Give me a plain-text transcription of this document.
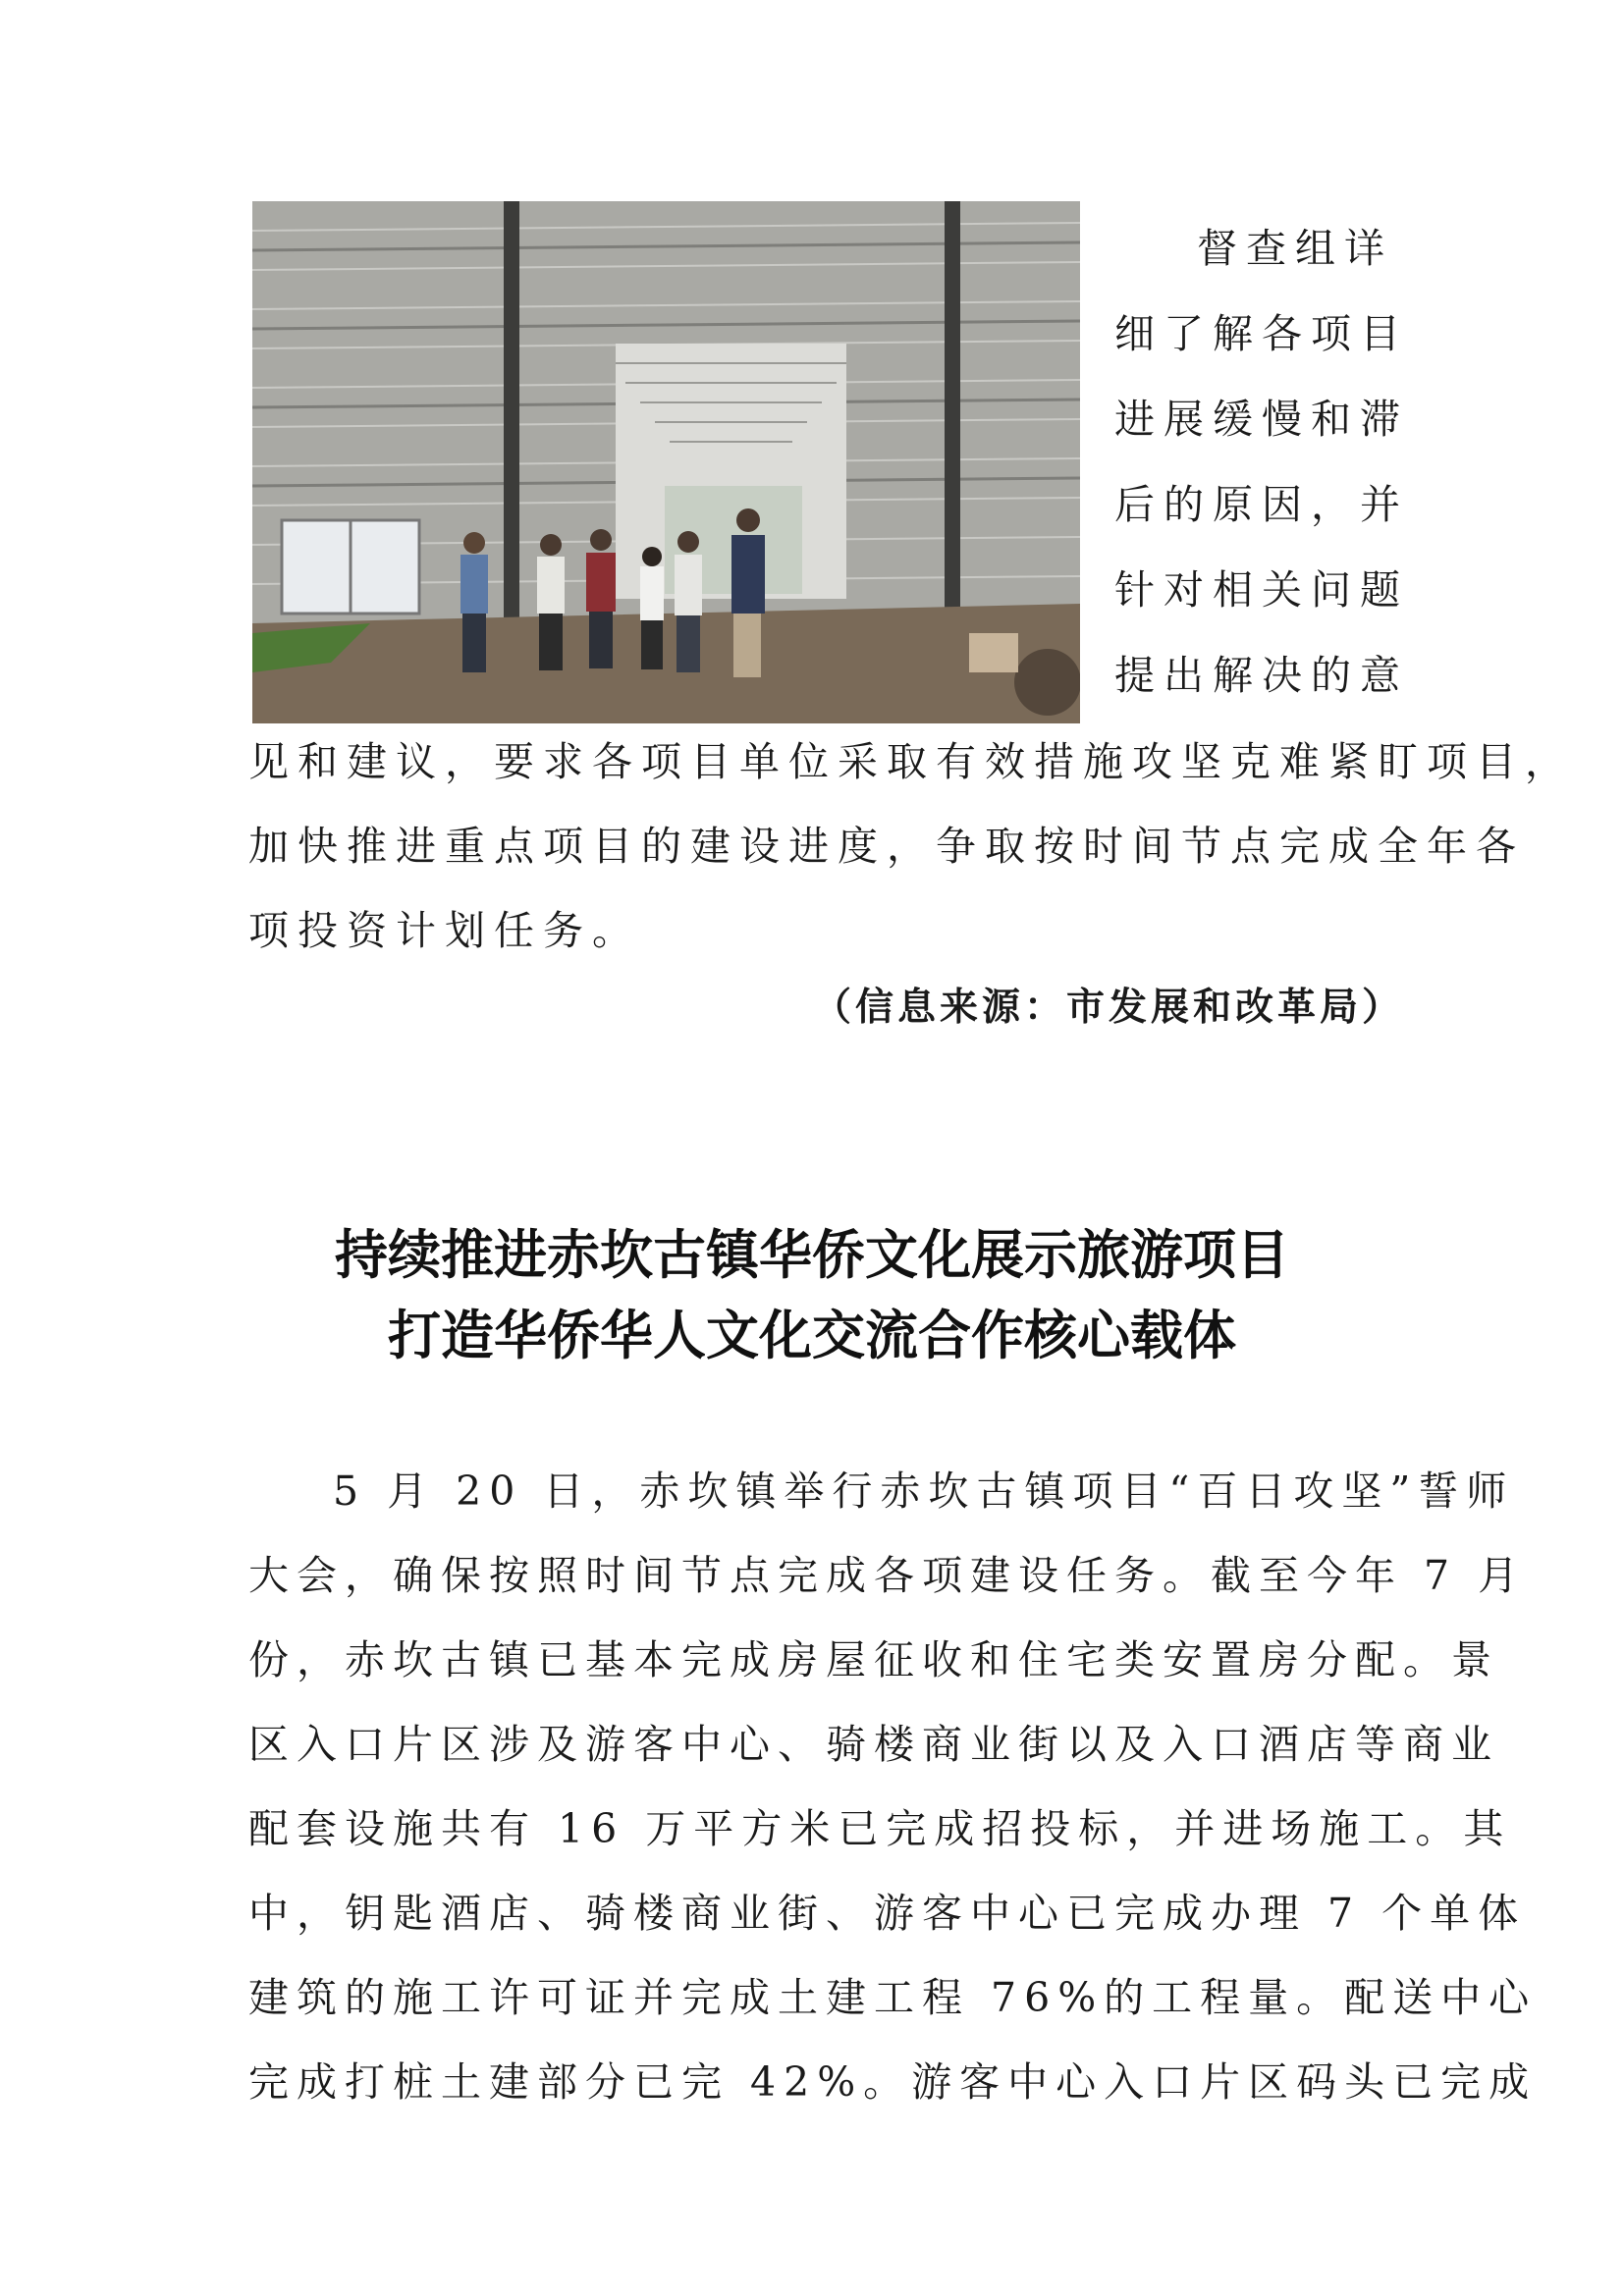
督查组详
细了解各项目
进展缓慢和滞
后的原因，并
针对相关问题
提出解决的意
见和建议，要求各项目单位采取有效措施攻坚克难紧盯项目，
加快推进重点项目的建设进度，争取按时间节点完成全年各
项投资计划任务。
（信息来源：市发展和改革局）
持续推进赤坎古镇华侨文化展示旅游项目
打造华侨华人文化交流合作核心载体
5 月 20 日，赤坎镇举行赤坎古镇项目“百日攻坚”誓师
大会，确保按照时间节点完成各项建设任务。截至今年 7 月
份，赤坎古镇已基本完成房屋征收和住宅类安置房分配。景
区入口片区涉及游客中心、骑楼商业街以及入口酒店等商业
配套设施共有 16 万平方米已完成招投标，并进场施工。其
中，钥匙酒店、骑楼商业街、游客中心已完成办理 7 个单体
建筑的施工许可证并完成土建工程 76%的工程量。配送中心
完成打桩土建部分已完 42%。游客中心入口片区码头已完成
